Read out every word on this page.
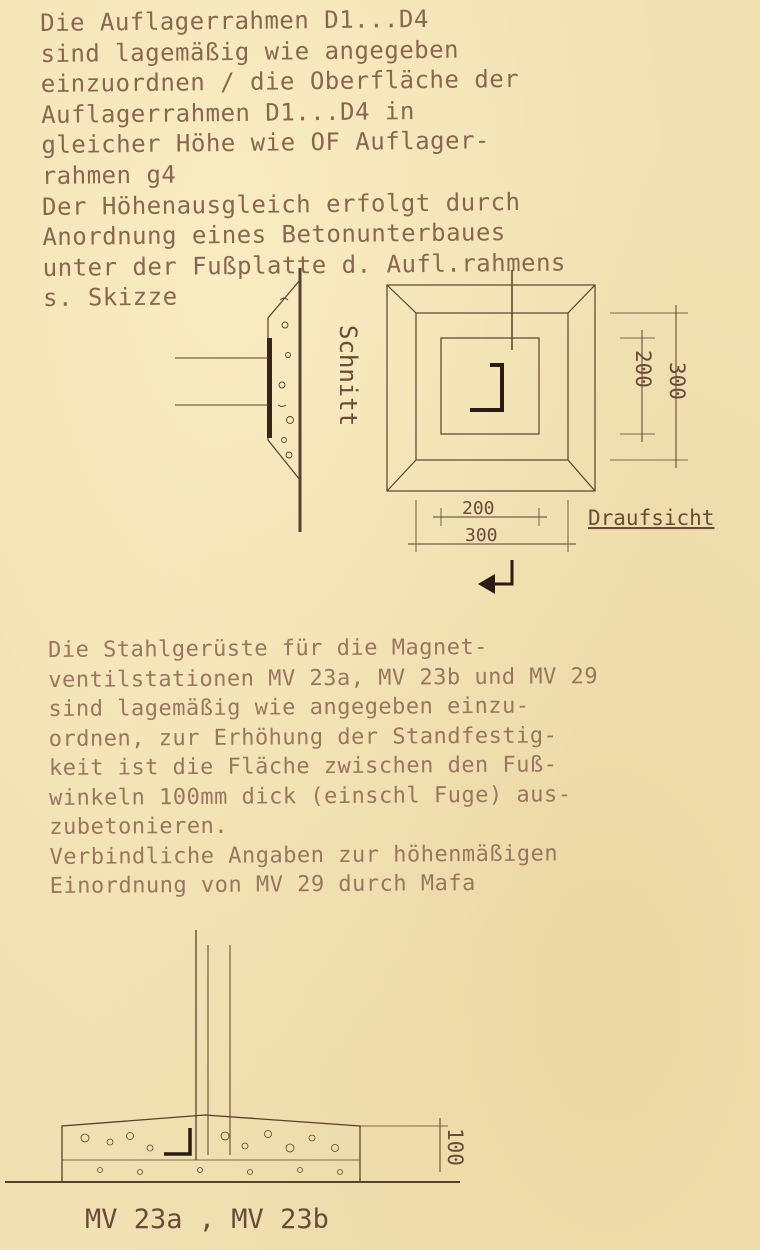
Die Auflagerrahmen D1...D4
sind lagemäßig wie angegeben
einzuordnen / die Oberfläche der
Auflagerrahmen D1...D4 in
gleicher Höhe wie OF Auflager-
rahmen g4
Der Höhenausgleich erfolgt durch
Anordnung eines Betonunterbaues
unter der Fußplatte d. Aufl.rahmens
s. Skizze
Schnitt	200 300
200
300
Draufsicht
100
MV 23a , MV 23b
Die Stahlgerüste für die Magnet-
ventilstationen MV 23a, MV 23b und MV 29
sind lagemäßig wie angegeben einzu-
ordnen, zur Erhöhung der Standfestig-
keit ist die Fläche zwischen den Fuß-
winkeln 100mm dick (einschl Fuge) aus-
zubetonieren.
Verbindliche Angaben zur höhenmäßigen
Einordnung von MV 29 durch Mafa
